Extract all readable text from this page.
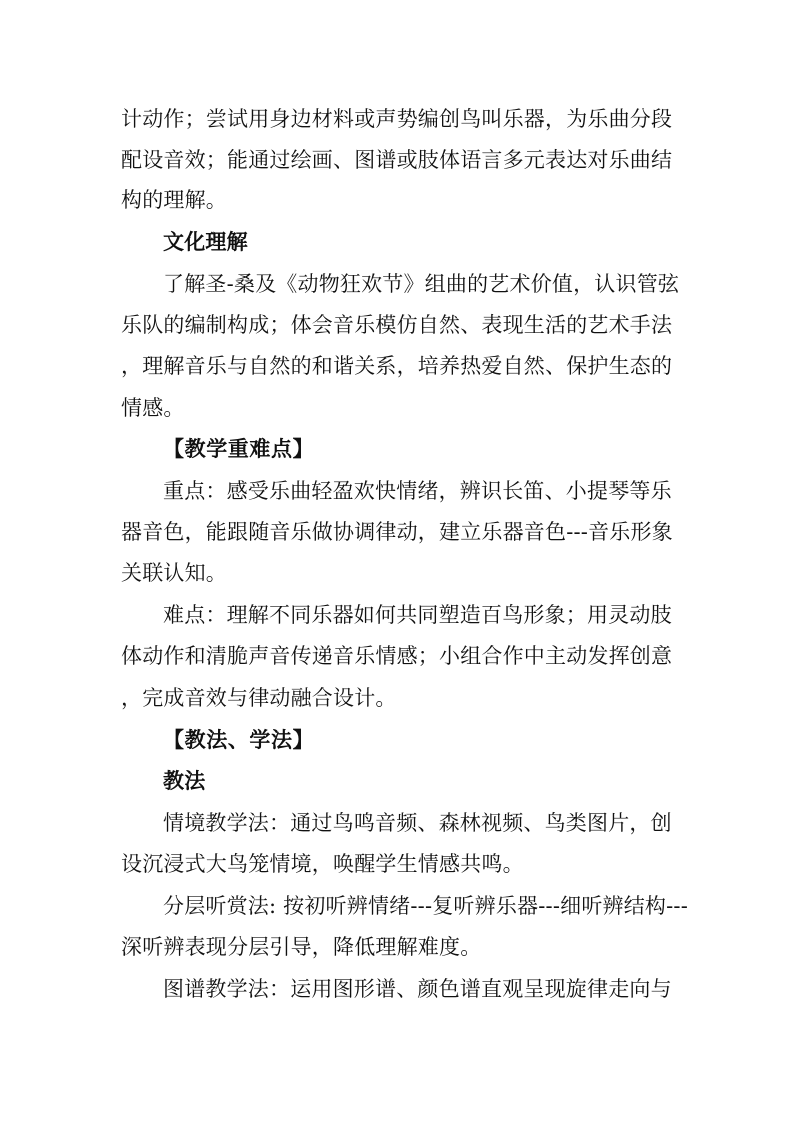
计动作；尝试用身边材料或声势编创鸟叫乐器，为乐曲分段
配设音效；能通过绘画、图谱或肢体语言多元表达对乐曲结
构的理解。
文化理解
了解圣-桑及《动物狂欢节》组曲的艺术价值，认识管弦
乐队的编制构成；体会音乐模仿自然、表现生活的艺术手法
，理解音乐与自然的和谐关系，培养热爱自然、保护生态的
情感。
【教学重难点】
重点：感受乐曲轻盈欢快情绪，辨识长笛、小提琴等乐
器音色，能跟随音乐做协调律动，建立乐器音色---音乐形象
关联认知。
难点：理解不同乐器如何共同塑造百鸟形象；用灵动肢
体动作和清脆声音传递音乐情感；小组合作中主动发挥创意
，完成音效与律动融合设计。
【教法、学法】
教法
情境教学法：通过鸟鸣音频、森林视频、鸟类图片，创
设沉浸式大鸟笼情境，唤醒学生情感共鸣。
分层听赏法: 按初听辨情绪---复听辨乐器---细听辨结构---
深听辨表现分层引导，降低理解难度。
图谱教学法：运用图形谱、颜色谱直观呈现旋律走向与
